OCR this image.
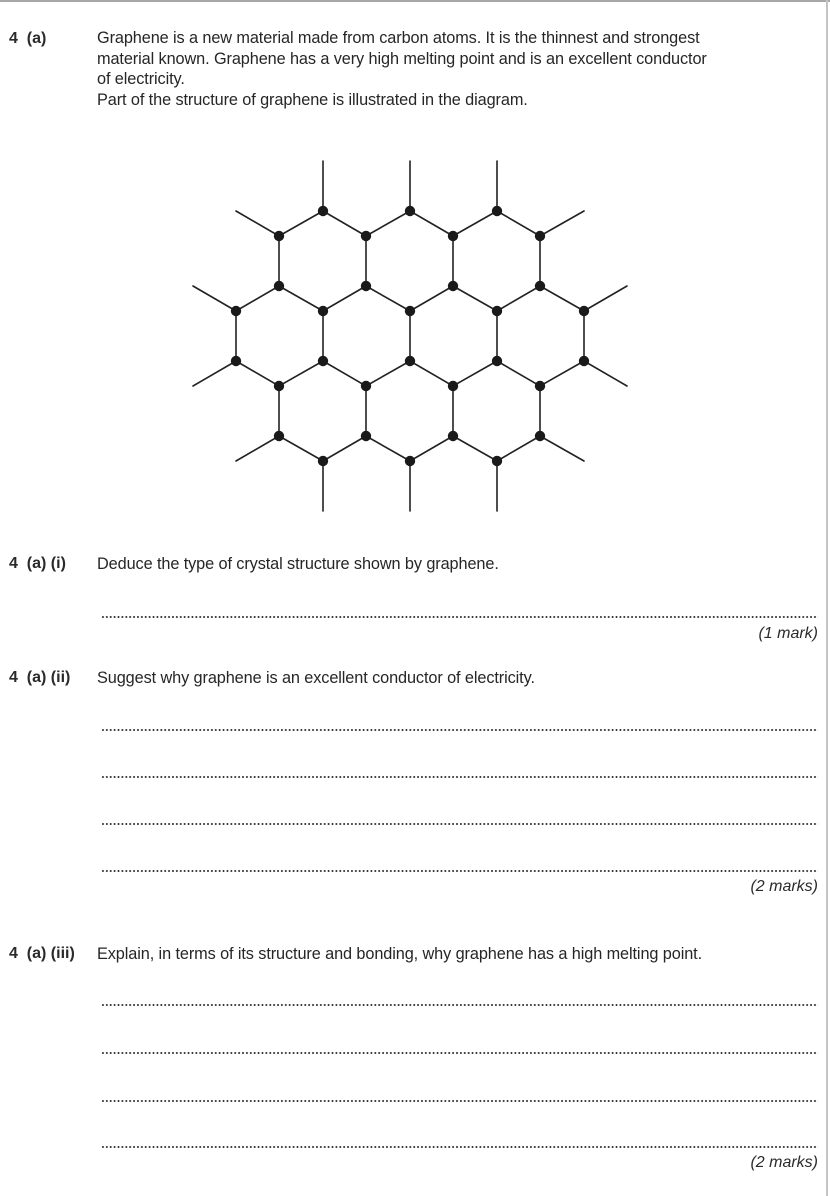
4  (a)	Graphene is a new material made from carbon atoms. It is the thinnest and strongest
material known. Graphene has a very high melting point and is an excellent conductor
of electricity.
Part of the structure of graphene is illustrated in the diagram.
4  (a) (i) Deduce the type of crystal structure shown by graphene.
(1 mark)
4  (a) (ii) Suggest why graphene is an excellent conductor of electricity.
(2 marks)
4  (a) (iii) Explain, in terms of its structure and bonding, why graphene has a high melting point.
(2 marks)
